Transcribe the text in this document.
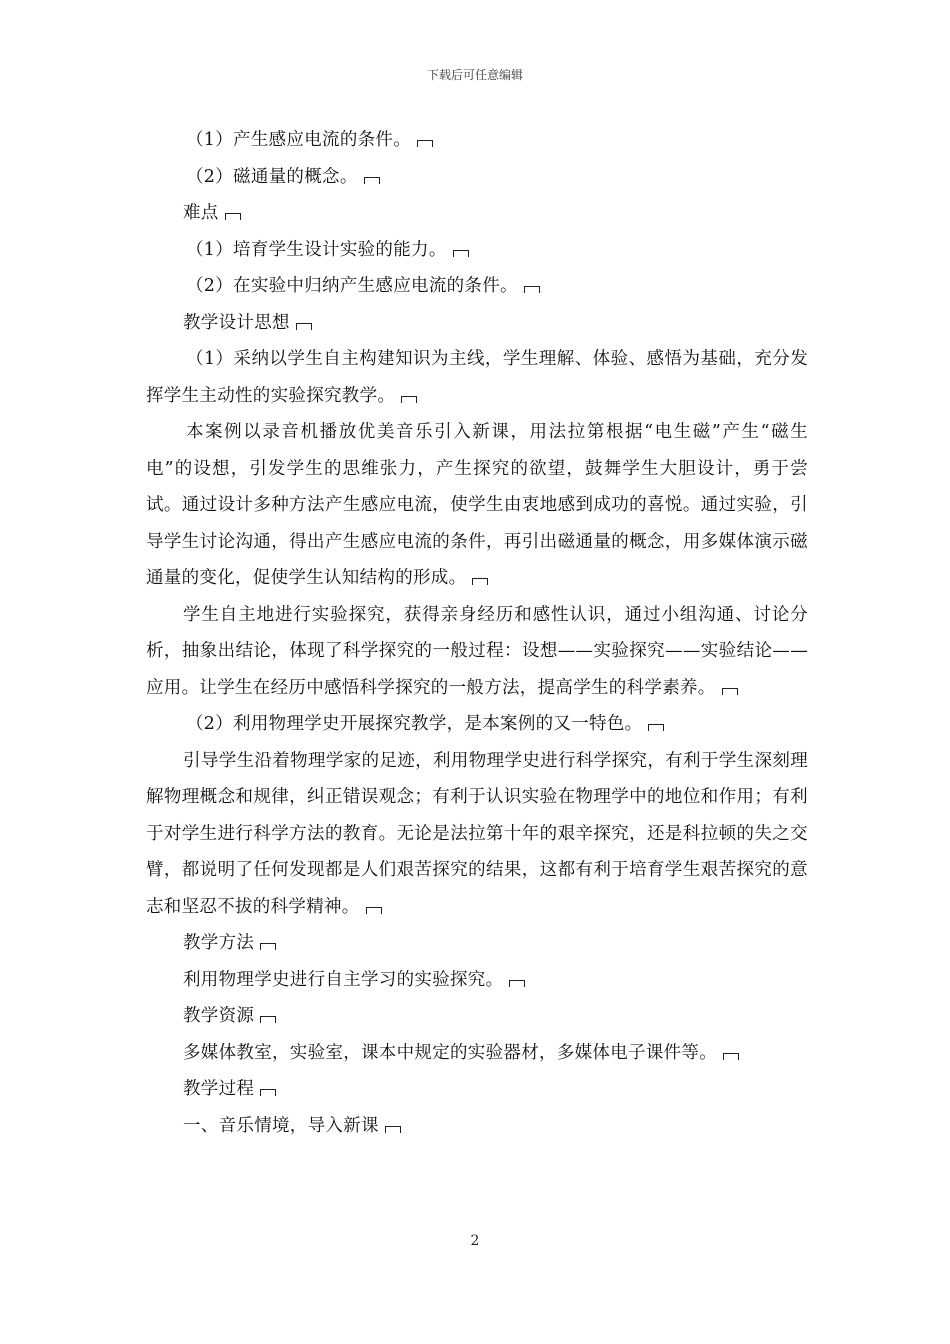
下载后可任意编辑

（1）产生感应电流的条件。

（2）磁通量的概念。

难点

（1）培育学生设计实验的能力。

（2）在实验中归纳产生感应电流的条件。

教学设计思想

（1）采纳以学生自主构建知识为主线，学生理解、体验、感悟为基础，充分发挥学生主动性的实验探究教学。

本案例以录音机播放优美音乐引入新课，用法拉第根据“电生磁”产生“磁生电”的设想，引发学生的思维张力，产生探究的欲望，鼓舞学生大胆设计，勇于尝试。通过设计多种方法产生感应电流，使学生由衷地感到成功的喜悦。通过实验，引导学生讨论沟通，得出产生感应电流的条件，再引出磁通量的概念，用多媒体演示磁通量的变化，促使学生认知结构的形成。

学生自主地进行实验探究，获得亲身经历和感性认识，通过小组沟通、讨论分析，抽象出结论，体现了科学探究的一般过程：设想——实验探究——实验结论——应用。让学生在经历中感悟科学探究的一般方法，提高学生的科学素养。

（2）利用物理学史开展探究教学，是本案例的又一特色。

引导学生沿着物理学家的足迹，利用物理学史进行科学探究，有利于学生深刻理解物理概念和规律，纠正错误观念；有利于认识实验在物理学中的地位和作用；有利于对学生进行科学方法的教育。无论是法拉第十年的艰辛探究，还是科拉顿的失之交臂，都说明了任何发现都是人们艰苦探究的结果，这都有利于培育学生艰苦探究的意志和坚忍不拔的科学精神。

教学方法

利用物理学史进行自主学习的实验探究。

教学资源

多媒体教室，实验室，课本中规定的实验器材，多媒体电子课件等。

教学过程

一、音乐情境，导入新课

2
